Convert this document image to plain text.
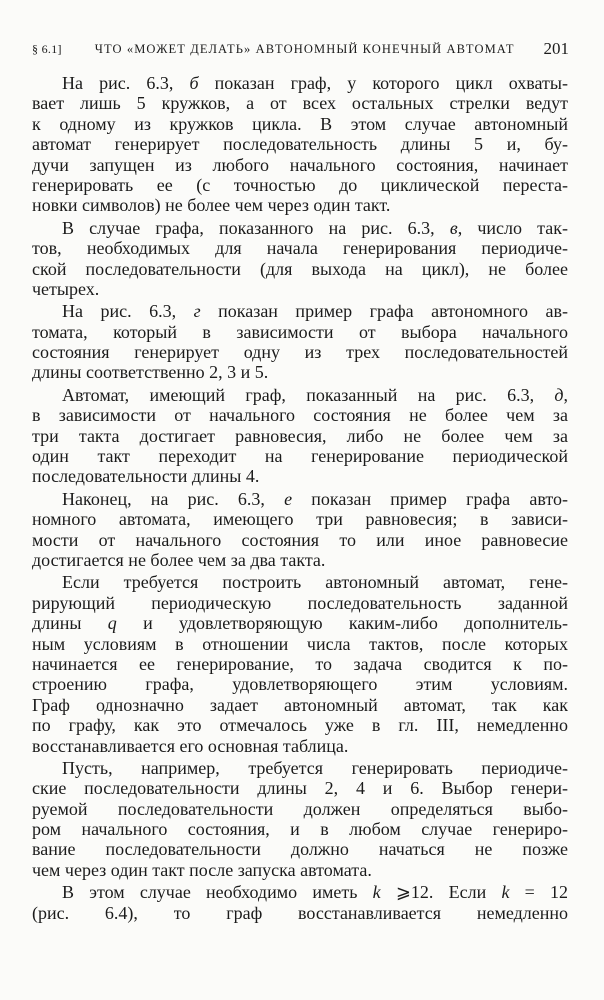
§ 6.1]	ЧТО «МОЖЕТ ДЕЛАТЬ» АВТОНОМНЫЙ КОНЕЧНЫЙ АВТОМАТ	201
На рис. 6.3, б показан граф, у которого цикл охваты-
вает лишь 5 кружков, а от всех остальных стрелки ведут
к одному из кружков цикла. В этом случае автономный
автомат генерирует последовательность длины 5 и, бу-
дучи запущен из любого начального состояния, начинает
генерировать ее (с точностью до циклической переста-
новки символов) не более чем через один такт.
В случае графа, показанного на рис. 6.3, в, число так-
тов, необходимых для начала генерирования периодиче-
ской последовательности (для выхода на цикл), не более
четырех.
На рис. 6.3, г показан пример графа автономного ав-
томата, который в зависимости от выбора начального
состояния генерирует одну из трех последовательностей
длины соответственно 2, 3 и 5.
Автомат, имеющий граф, показанный на рис. 6.3, д,
в зависимости от начального состояния не более чем за
три такта достигает равновесия, либо не более чем за
один такт переходит на генерирование периодической
последовательности длины 4.
Наконец, на рис. 6.3, е показан пример графа авто-
номного автомата, имеющего три равновесия; в зависи-
мости от начального состояния то или иное равновесие
достигается не более чем за два такта.
Если требуется построить автономный автомат, гене-
рирующий периодическую последовательность заданной
длины q и удовлетворяющую каким-либо дополнитель-
ным условиям в отношении числа тактов, после которых
начинается ее генерирование, то задача сводится к по-
строению графа, удовлетворяющего этим условиям.
Граф однозначно задает автономный автомат, так как
по графу, как это отмечалось уже в гл. III, немедленно
восстанавливается его основная таблица.
Пусть, например, требуется генерировать периодиче-
ские последовательности длины 2, 4 и 6. Выбор генери-
руемой последовательности должен определяться выбо-
ром начального состояния, и в любом случае генериро-
вание последовательности должно начаться не позже
чем через один такт после запуска автомата.
В этом случае необходимо иметь k ⩾12. Если k = 12
(рис. 6.4), то граф восстанавливается немедленно
